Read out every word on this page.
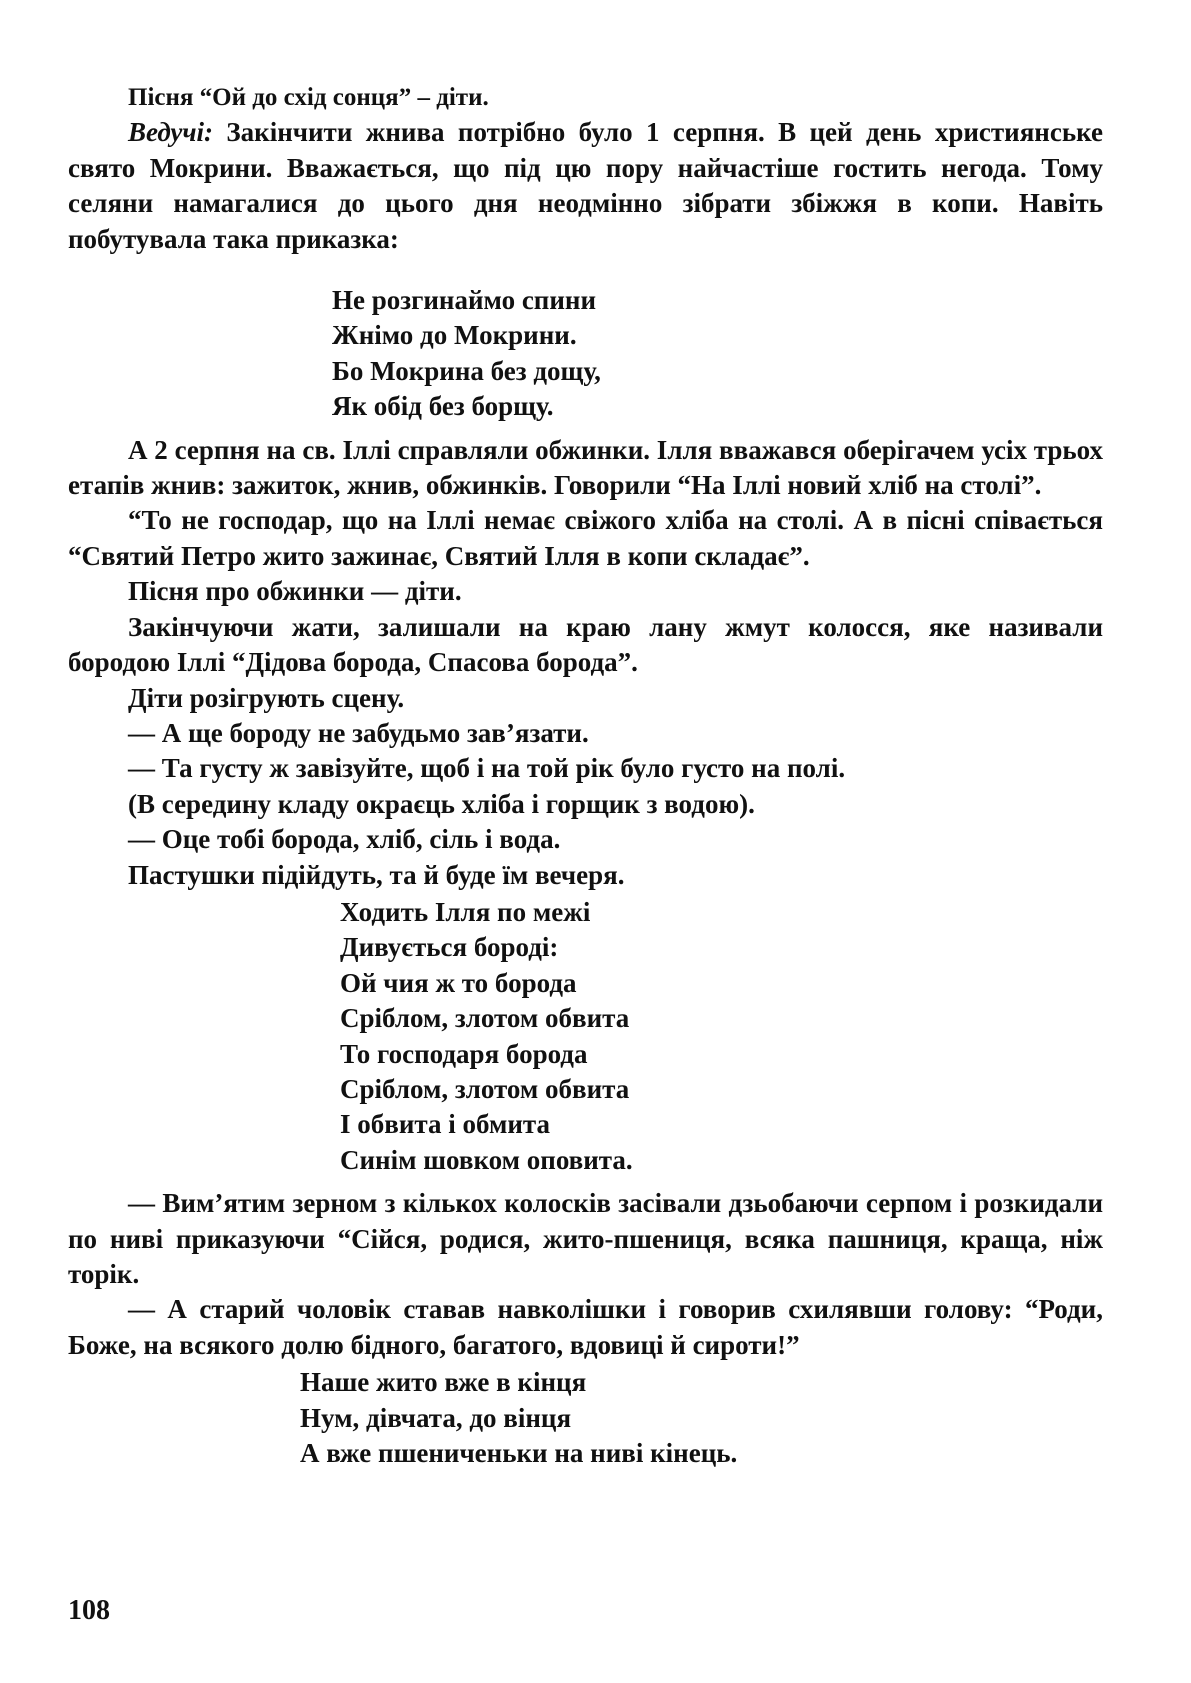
Пісня “Ой до схід сонця” – діти.

Ведучі: Закінчити жнива потрібно було 1 серпня. В цей день християнське свято Мокрини. Вважається, що під цю пору найчастіше гостить негода. Тому селяни намагалися до цього дня неодмінно зібрати збіжжя в копи. Навіть побутувала така приказка:

Не розгинаймо спини
Жнімо до Мокрини.
Бо Мокрина без дощу,
Як обід без борщу.

А 2 серпня на св. Іллі справляли обжинки. Ілля вважався оберігачем усіх трьох етапів жнив: зажиток, жнив, обжинків. Говорили “На Іллі новий хліб на столі”.

“То не господар, що на Іллі немає свіжого хліба на столі. А в пісні співається “Святий Петро жито зажинає, Святий Ілля в копи складає”.

Пісня про обжинки — діти.

Закінчуючи жати, залишали на краю лану жмут колосся, яке називали бородою Іллі “Дідова борода, Спасова борода”.

Діти розігрують сцену.

— А ще бороду не забудьмо зав’язати.

— Та густу ж завізуйте, щоб і на той рік було густо на полі.

(В середину кладу окраєць хліба і горщик з водою).

— Оце тобі борода, хліб, сіль і вода.

Пастушки підійдуть, та й буде їм вечеря.

Ходить Ілля по межі
Дивується бороді:
Ой чия ж то борода
Сріблом, злотом обвита
То господаря борода
Сріблом, злотом обвита
І обвита і обмита
Синім шовком оповита.

— Вим’ятим зерном з кількох колосків засівали дзьобаючи серпом і розкидали по ниві приказуючи “Сійся, родися, жито-пшениця, всяка пашниця, краща, ніж торік.

— А старий чоловік ставав навколішки і говорив схилявши голову: “Роди, Боже, на всякого долю бідного, багатого, вдовиці й сироти!”

Наше жито вже в кінця
Нум, дівчата, до вінця
А вже пшениченьки на ниві кінець.
108
